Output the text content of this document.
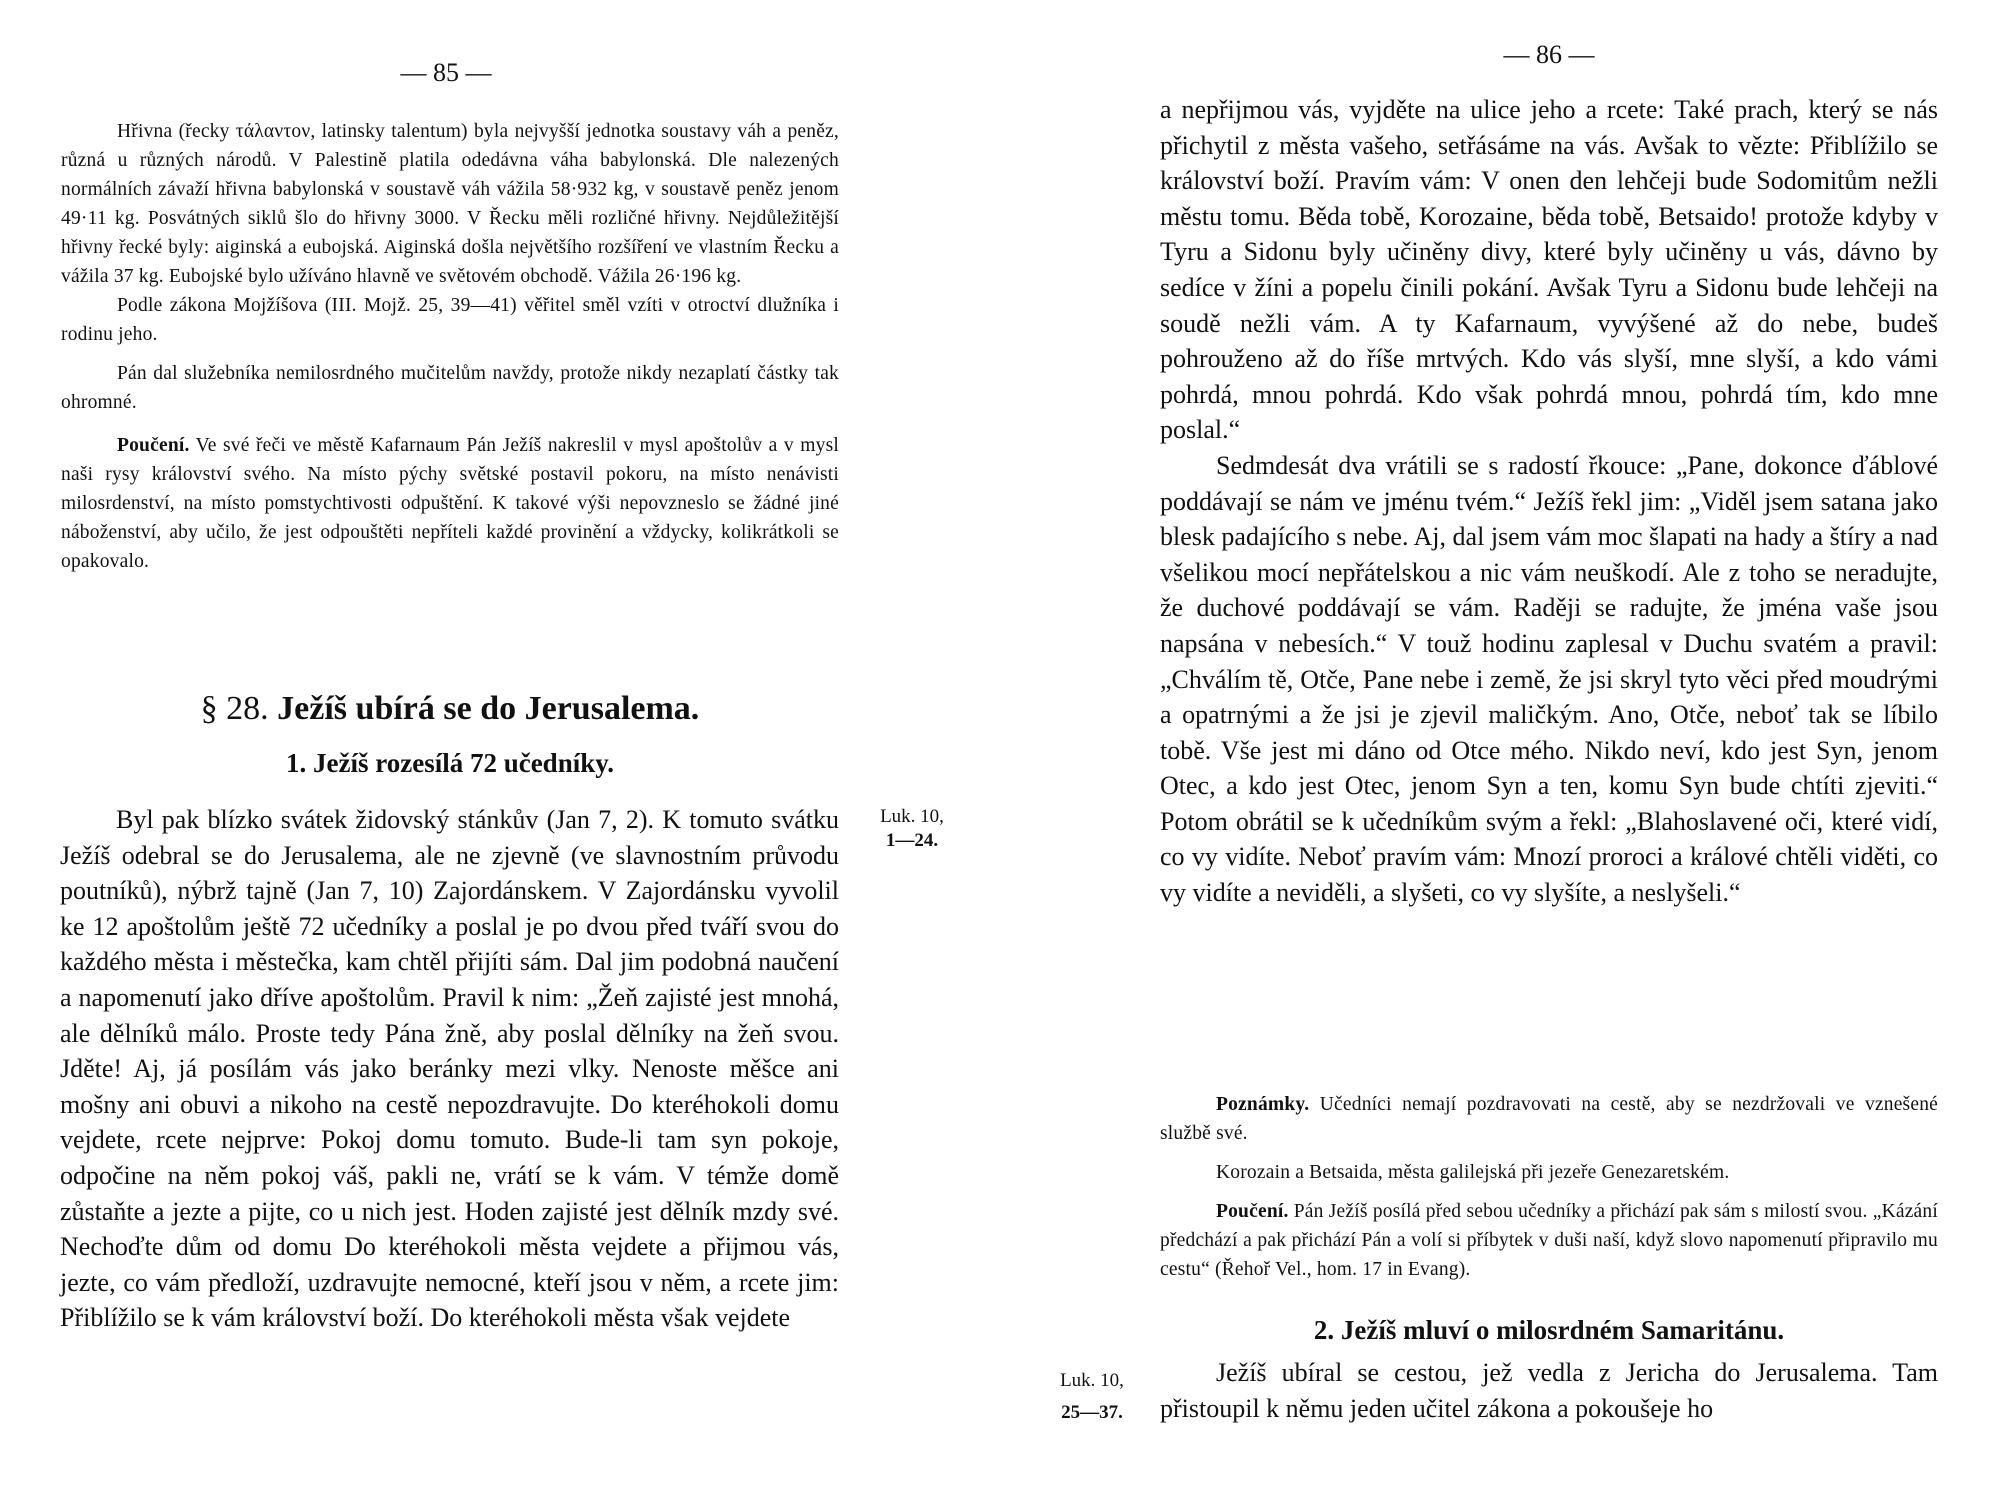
— 85 —

Hřivna (řecky τάλαντον, latinsky talentum) byla nejvyšší jednotka soustavy váh a peněz, různá u různých národů. V Palestině platila odedávna váha babylonská. Dle nalezených normálních závaží hřivna babylonská v soustavě váh vážila 58·932 kg, v soustavě peněz jenom 49·11 kg. Posvátných siklů šlo do hřivny 3000. V Řecku měli rozličné hřivny. Nejdůležitější hřivny řecké byly: aiginská a eubojská. Aiginská došla největšího rozšíření ve vlastním Řecku a vážila 37 kg. Eubojské bylo užíváno hlavně ve světovém obchodě. Vážila 26·196 kg.

Podle zákona Mojžíšova (III. Mojž. 25, 39—41) věřitel směl vzíti v otroctví dlužníka i rodinu jeho.

Pán dal služebníka nemilosrdného mučitelům navždy, protože nikdy nezaplatí částky tak ohromné.

Poučení. Ve své řeči ve městě Kafarnaum Pán Ježíš nakreslil v mysl apoštolův a v mysl naši rysy království svého. Na místo pýchy světské postavil pokoru, na místo nenávisti milosrdenství, na místo pomstychtivosti odpuštění. K takové výši nepovzneslo se žádné jiné náboženství, aby učilo, že jest odpouštěti nepříteli každé provinění a vždycky, kolikrátkoli se opakovalo.

§ 28. Ježíš ubírá se do Jerusalema.
1. Ježíš rozesílá 72 učedníky.

Byl pak blízko svátek židovský stánkův (Jan 7, 2). K tomuto svátku Ježíš odebral se do Jerusalema, ale ne zjevně (ve slavnostním průvodu poutníků), nýbrž tajně (Jan 7, 10) Zajordánskem. V Zajordánsku vyvolil ke 12 apoštolům ještě 72 učedníky a poslal je po dvou před tváří svou do každého města i městečka, kam chtěl přijíti sám. Dal jim podobná naučení a napomenutí jako dříve apoštolům. Pravil k nim: „Žeň zajisté jest mnohá, ale dělníků málo. Proste tedy Pána žně, aby poslal dělníky na žeň svou. Jděte! Aj, já posílám vás jako beránky mezi vlky. Nenoste měšce ani mošny ani obuvi a nikoho na cestě nepozdravujte. Do kteréhokoli domu vejdete, rcete nejprve: Pokoj domu tomuto. Bude-li tam syn pokoje, odpočine na něm pokoj váš, pakli ne, vrátí se k vám. V témže domě zůstaňte a jezte a pijte, co u nich jest. Hoden zajisté jest dělník mzdy své. Nechoďte dům od domu Do kteréhokoli města vejdete a přijmou vás, jezte, co vám předloží, uzdravujte nemocné, kteří jsou v něm, a rcete jim: Přiblížilo se k vám království boží. Do kteréhokoli města však vejdete

Luk. 10,
1—24.
— 86 —

a nepřijmou vás, vyjděte na ulice jeho a rcete: Také prach, který se nás přichytil z města vašeho, setřásáme na vás. Avšak to vězte: Přiblížilo se království boží. Pravím vám: V onen den lehčeji bude Sodomitům nežli městu tomu. Běda tobě, Korozaine, běda tobě, Betsaido! protože kdyby v Tyru a Sidonu byly učiněny divy, které byly učiněny u vás, dávno by sedíce v žíni a popelu činili pokání. Avšak Tyru a Sidonu bude lehčeji na soudě nežli vám. A ty Kafarnaum, vyvýšené až do nebe, budeš pohrouženo až do říše mrtvých. Kdo vás slyší, mne slyší, a kdo vámi pohrdá, mnou pohrdá. Kdo však pohrdá mnou, pohrdá tím, kdo mne poslal.“

Sedmdesát dva vrátili se s radostí řkouce: „Pane, dokonce ďáblové poddávají se nám ve jménu tvém.“ Ježíš řekl jim: „Viděl jsem satana jako blesk padajícího s nebe. Aj, dal jsem vám moc šlapati na hady a štíry a nad všelikou mocí nepřátelskou a nic vám neuškodí. Ale z toho se neradujte, že duchové poddávají se vám. Raději se radujte, že jména vaše jsou napsána v nebesích.“ V touž hodinu zaplesal v Duchu svatém a pravil: „Chválím tě, Otče, Pane nebe i země, že jsi skryl tyto věci před moudrými a opatrnými a že jsi je zjevil maličkým. Ano, Otče, neboť tak se líbilo tobě. Vše jest mi dáno od Otce mého. Nikdo neví, kdo jest Syn, jenom Otec, a kdo jest Otec, jenom Syn a ten, komu Syn bude chtíti zjeviti.“ Potom obrátil se k učedníkům svým a řekl: „Blahoslavené oči, které vidí, co vy vidíte. Neboť pravím vám: Mnozí proroci a králové chtěli viděti, co vy vidíte a neviděli, a slyšeti, co vy slyšíte, a neslyšeli.“

Poznámky. Učedníci nemají pozdravovati na cestě, aby se nezdržovali ve vznešené službě své.

Korozain a Betsaida, města galilejská při jezeře Genezaretském.

Poučení. Pán Ježíš posílá před sebou učedníky a přichází pak sám s milostí svou. „Kázání předchází a pak přichází Pán a volí si příbytek v duši naší, když slovo napomenutí připravilo mu cestu“ (Řehoř Vel., hom. 17 in Evang).

2. Ježíš mluví o milosrdném Samaritánu.

Ježíš ubíral se cestou, jež vedla z Jericha do Jerusalema. Tam přistoupil k němu jeden učitel zákona a pokoušeje ho

Luk. 10,
25—37.
